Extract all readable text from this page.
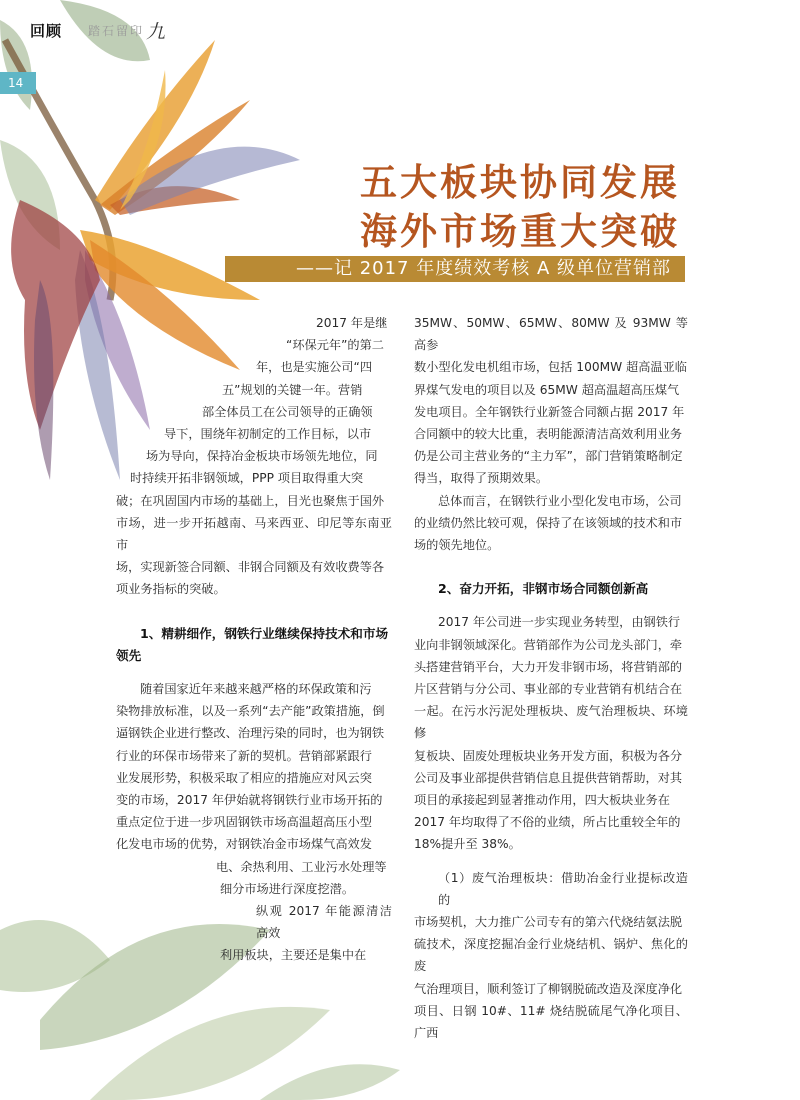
回顾 踏石留印 九
14
五大板块协同发展
海外市场重大突破
——记 2017 年度绩效考核 A 级单位营销部

2017 年是继

“环保元年”的第二

年，也是实施公司“四

五”规划的关键一年。营销

部全体员工在公司领导的正确领

导下，围绕年初制定的工作目标，以市

场为导向，保持冶金板块市场领先地位，同

时持续开拓非钢领域，PPP 项目取得重大突

破；在巩固国内市场的基础上，目光也聚焦于国外

市场，进一步开拓越南、马来西亚、印尼等东南亚市

场，实现新签合同额、非钢合同额及有效收费等各

项业务指标的突破。

1、精耕细作，钢铁行业继续保持技术和市场
领先

随着国家近年来越来越严格的环保政策和污

染物排放标准，以及一系列“去产能”政策措施，倒

逼钢铁企业进行整改、治理污染的同时，也为钢铁

行业的环保市场带来了新的契机。营销部紧跟行

业发展形势，积极采取了相应的措施应对风云突

变的市场，2017 年伊始就将钢铁行业市场开拓的

重点定位于进一步巩固钢铁市场高温超高压小型

化发电市场的优势，对钢铁冶金市场煤气高效发

电、余热利用、工业污水处理等

细分市场进行深度挖潜。

纵观 2017 年能源清洁高效

利用板块，主要还是集中在

35MW、50MW、65MW、80MW 及 93MW 等高参

数小型化发电机组市场，包括 100MW 超高温亚临

界煤气发电的项目以及 65MW 超高温超高压煤气

发电项目。全年钢铁行业新签合同额占据 2017 年

合同额中的较大比重，表明能源清洁高效利用业务

仍是公司主营业务的“主力军”，部门营销策略制定

得当，取得了预期效果。

总体而言，在钢铁行业小型化发电市场，公司

的业绩仍然比较可观，保持了在该领域的技术和市

场的领先地位。

2、奋力开拓，非钢市场合同额创新高

2017 年公司进一步实现业务转型，由钢铁行

业向非钢领域深化。营销部作为公司龙头部门，牵

头搭建营销平台，大力开发非钢市场，将营销部的

片区营销与分公司、事业部的专业营销有机结合在

一起。在污水污泥处理板块、废气治理板块、环境修

复板块、固废处理板块业务开发方面，积极为各分

公司及事业部提供营销信息且提供营销帮助，对其

项目的承接起到显著推动作用，四大板块业务在

2017 年均取得了不俗的业绩，所占比重较全年的

18%提升至 38%。

（1）废气治理板块：借助冶金行业提标改造的

市场契机，大力推广公司专有的第六代烧结氨法脱

硫技术，深度挖掘冶金行业烧结机、锅炉、焦化的废

气治理项目，顺利签订了柳钢脱硫改造及深度净化

项目、日钢 10#、11# 烧结脱硫尾气净化项目、广西
